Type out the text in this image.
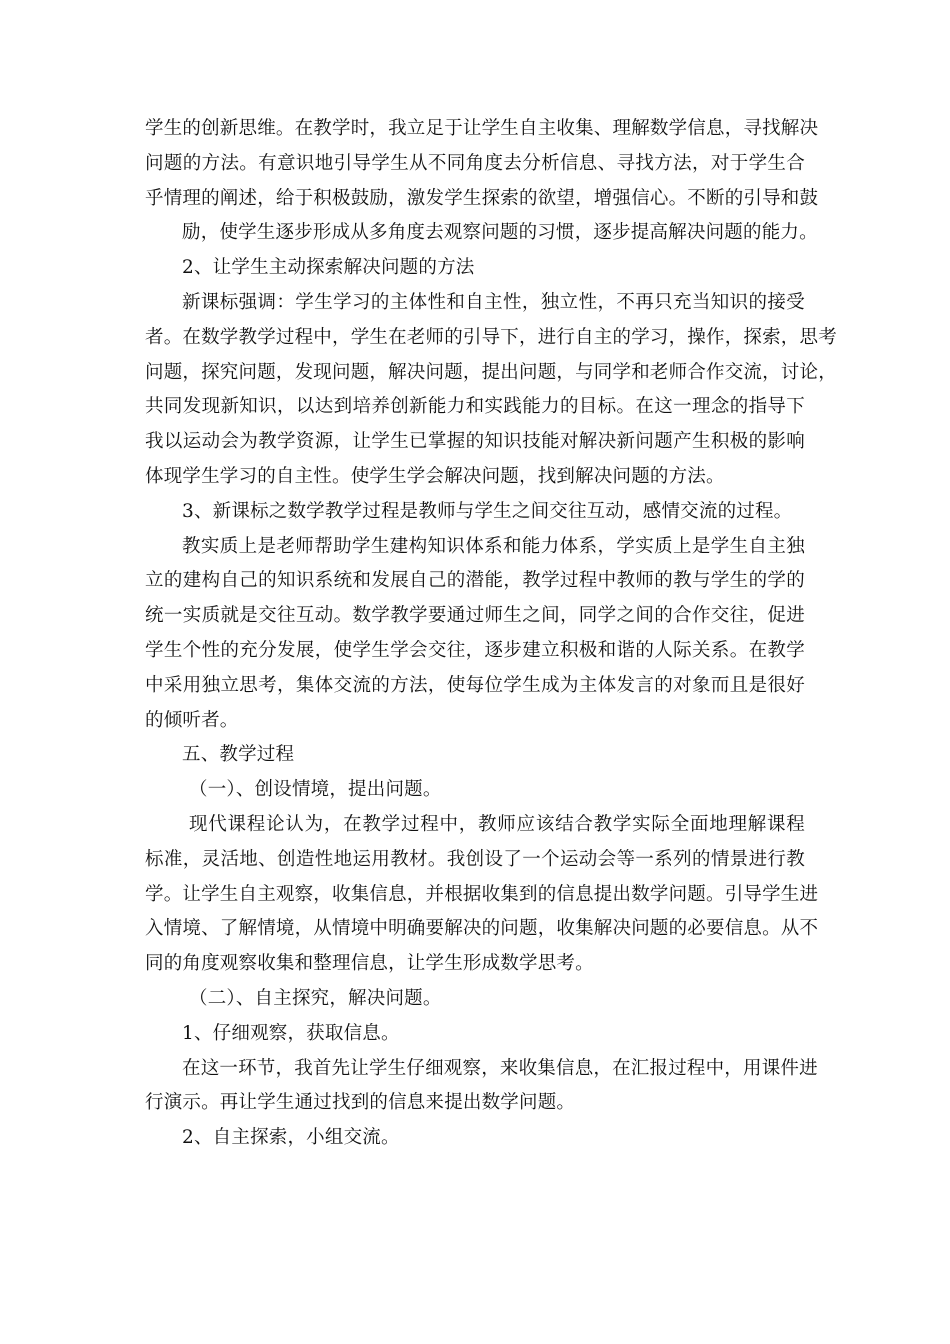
学生的创新思维。在教学时，我立足于让学生自主收集、理解数学信息，寻找解决
问题的方法。有意识地引导学生从不同角度去分析信息、寻找方法，对于学生合
乎情理的阐述，给于积极鼓励，激发学生探索的欲望，增强信心。不断的引导和鼓
励，使学生逐步形成从多角度去观察问题的习惯，逐步提高解决问题的能力。
2、让学生主动探索解决问题的方法
新课标强调：学生学习的主体性和自主性，独立性，不再只充当知识的接受
者。在数学教学过程中，学生在老师的引导下，进行自主的学习，操作，探索，思考
问题，探究问题，发现问题，解决问题，提出问题，与同学和老师合作交流，讨论，
共同发现新知识，以达到培养创新能力和实践能力的目标。在这一理念的指导下
我以运动会为教学资源，让学生已掌握的知识技能对解决新问题产生积极的影响
体现学生学习的自主性。使学生学会解决问题，找到解决问题的方法。
3、新课标之数学教学过程是教师与学生之间交往互动，感情交流的过程。
教实质上是老师帮助学生建构知识体系和能力体系，学实质上是学生自主独
立的建构自己的知识系统和发展自己的潜能，教学过程中教师的教与学生的学的
统一实质就是交往互动。数学教学要通过师生之间，同学之间的合作交往，促进
学生个性的充分发展，使学生学会交往，逐步建立积极和谐的人际关系。在教学
中采用独立思考，集体交流的方法，使每位学生成为主体发言的对象而且是很好
的倾听者。
五、教学过程
（一）、创设情境，提出问题。
现代课程论认为，在教学过程中，教师应该结合教学实际全面地理解课程
标准，灵活地、创造性地运用教材。我创设了一个运动会等一系列的情景进行教
学。让学生自主观察，收集信息，并根据收集到的信息提出数学问题。引导学生进
入情境、了解情境，从情境中明确要解决的问题，收集解决问题的必要信息。从不
同的角度观察收集和整理信息，让学生形成数学思考。
（二）、自主探究，解决问题。
1、仔细观察，获取信息。
在这一环节，我首先让学生仔细观察，来收集信息，在汇报过程中，用课件进
行演示。再让学生通过找到的信息来提出数学问题。
2、自主探索，小组交流。
